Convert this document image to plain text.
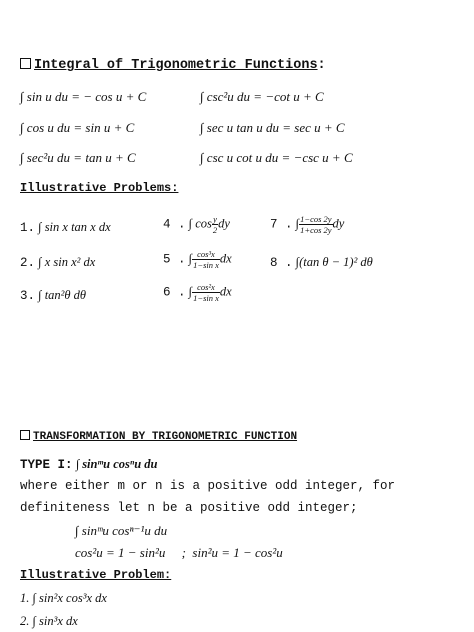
Integral of Trigonometric Functions:
∫ sin u du = − cos u + C	∫ csc²u du = −cot u + C
∫ cos u du = sin u + C	∫ sec u tan u du = sec u + C
∫ sec²u du = tan u + C	∫ csc u cot u du = −csc u + C
Illustrative Problems:
1. ∫ sin x tan x dx	4 . ∫ $\cos \frac{y}{2}$ dy	7 . ∫ $\frac{1-\cos 2y}{1+\cos 2y}$ dy
2. ∫ x sin x² dx	5 . ∫ $\frac{\text{cos³x}}{\text{1−sin x}}$ dx	8 . ∫(tan θ − 1)² dθ
3. ∫ tan²θ dθ	6 . ∫ $\frac{\text{cos²x}}{\text{1−sin x}}$ dx
TRANSFORMATION BY TRIGONOMETRIC FUNCTION
TYPE I: ∫ sinᵐu cosⁿu du
where either m or n is a positive odd integer, for
definiteness let n be a positive odd integer;
∫ sinᵐu cosⁿ⁻¹u du
cos²u = 1 − sin²u     ;  sin²u = 1 − cos²u
Illustrative Problem:
1. ∫ sin²x cos³x dx
2. ∫ sin³x dx
